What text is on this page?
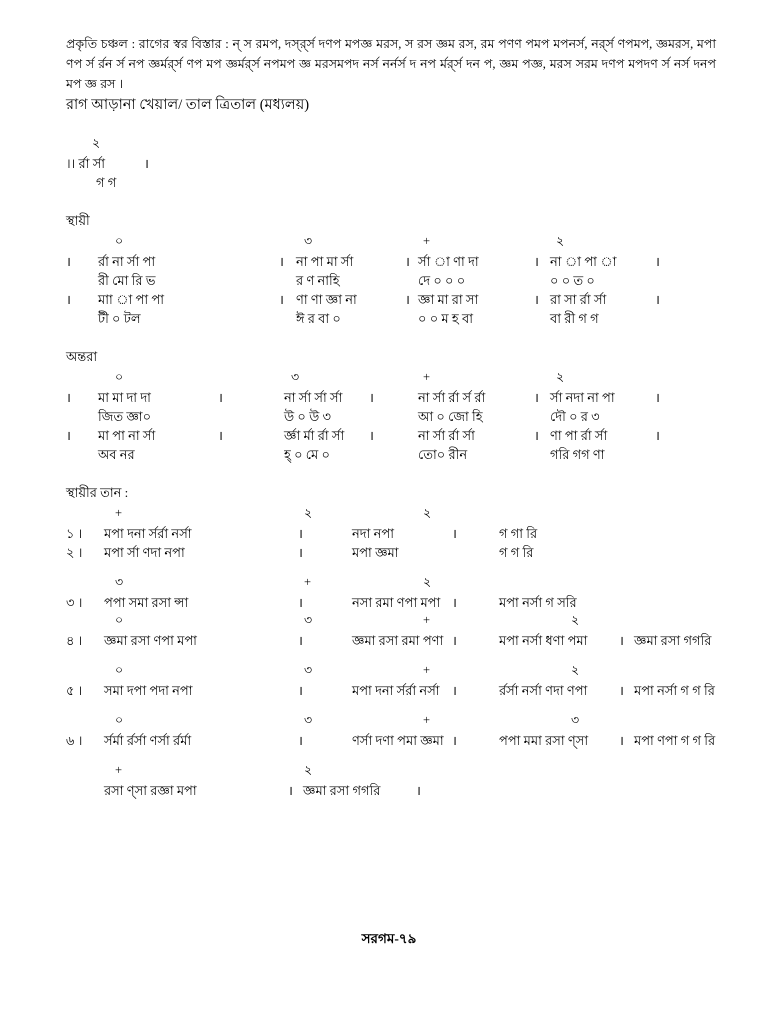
প্রকৃতি চঞ্চল : রাগের স্বর বিস্তার : ন্ স রমপ, দর্স্র্স দণপ মপজ্ঞ মরস, স রস জ্ঞম রস, রম পণণ পমপ মপনর্স, নর্র্স ণপমপ, জ্ঞমরস, মপা ণপ র্স র্রন র্স নপ জ্ঞর্মর্র্স ণপ মপ জ্ঞর্মর্র্স নপমপ জ্ঞ মরসমপদ নর্স নর্নর্স দ নপ র্মর্র্স দন প, জ্ঞম পজ্ঞ, মরস সরম দণপ মপদণ র্স নর্স দনপ মপ জ্ঞ রস ।
রাগ আড়ানা খেয়াল/ তাল ত্রিতাল (মধ্যলয়)
২
।। র্রা র্সা	।
গ গ
স্থায়ী
০	৩	+	২
। র্রা না র্সা পা	। না পা মা র্সা	। র্সা া ণা দা	। না া পা া	।
রী মো রি ভ	র ণ নাহি	দে ০ ০ ০	০ ০ ত ০
। মাা া পা পা	। ণা ণা জ্ঞা না	। জ্ঞা মা রা সা	। রা সা র্রা র্সা	।
টী ০ টল	ঈ র বা ০	০ ০ ম হ বা	বা রী গ গ
অন্তরা
০	৩	+	২
। মা মা দা দা	।	না র্সা র্সা র্সা ।	না র্সা র্রা র্স র্রা	। র্সা নদা না পা	।
জিত জ্ঞা০	উ ০ উ ৩	আ ০ জো হি	দৌ ০ র ৩
। মা পা না র্সা	।	র্জ্ঞা র্মা র্রা র্সা ।	না র্সা র্রা র্সা	। ণা পা র্রা র্সা	।
অব নর	হ্ ০ মে ০	তো০ রীন	গরি গগ ণা
স্থায়ীর তান :
+	২	২
১ । মপা দনা র্সর্রা নর্সা	।	নদা নপা	।	গ গা রি
২ । মপা র্সা ণদা নপা	।	মপা জ্ঞমা	গ গ রি
৩	+	২
৩ । পপা সমা রসা ন্সা	।	নসা রমা ণপা মপা ।	মপা নর্সা গ সরি
০	৩	+	২
৪ । জ্ঞমা রসা ণপা মপা	।	জ্ঞমা রসা রমা পণা ।	মপা নর্সা ধণা পমা । জ্ঞমা রসা গগরি
০	৩	+	২
৫ । সমা দপা পদা নপা	।	মপা দনা র্সর্রা নর্সা ।	র্রর্সা নর্সা ণদা ণপা । মপা নর্সা গ গ রি
০	৩	+	৩
৬ । র্সর্মা র্রর্সা ণর্সা র্রর্মা	।	ণর্সা দণা পমা জ্ঞমা ।	পপা মমা রসা ণ্সা । মপা ণপা গ গ রি
+	২
রসা ণ্সা রজ্ঞা মপা	। জ্ঞমা রসা গগরি	।
সরগম-৭৯
